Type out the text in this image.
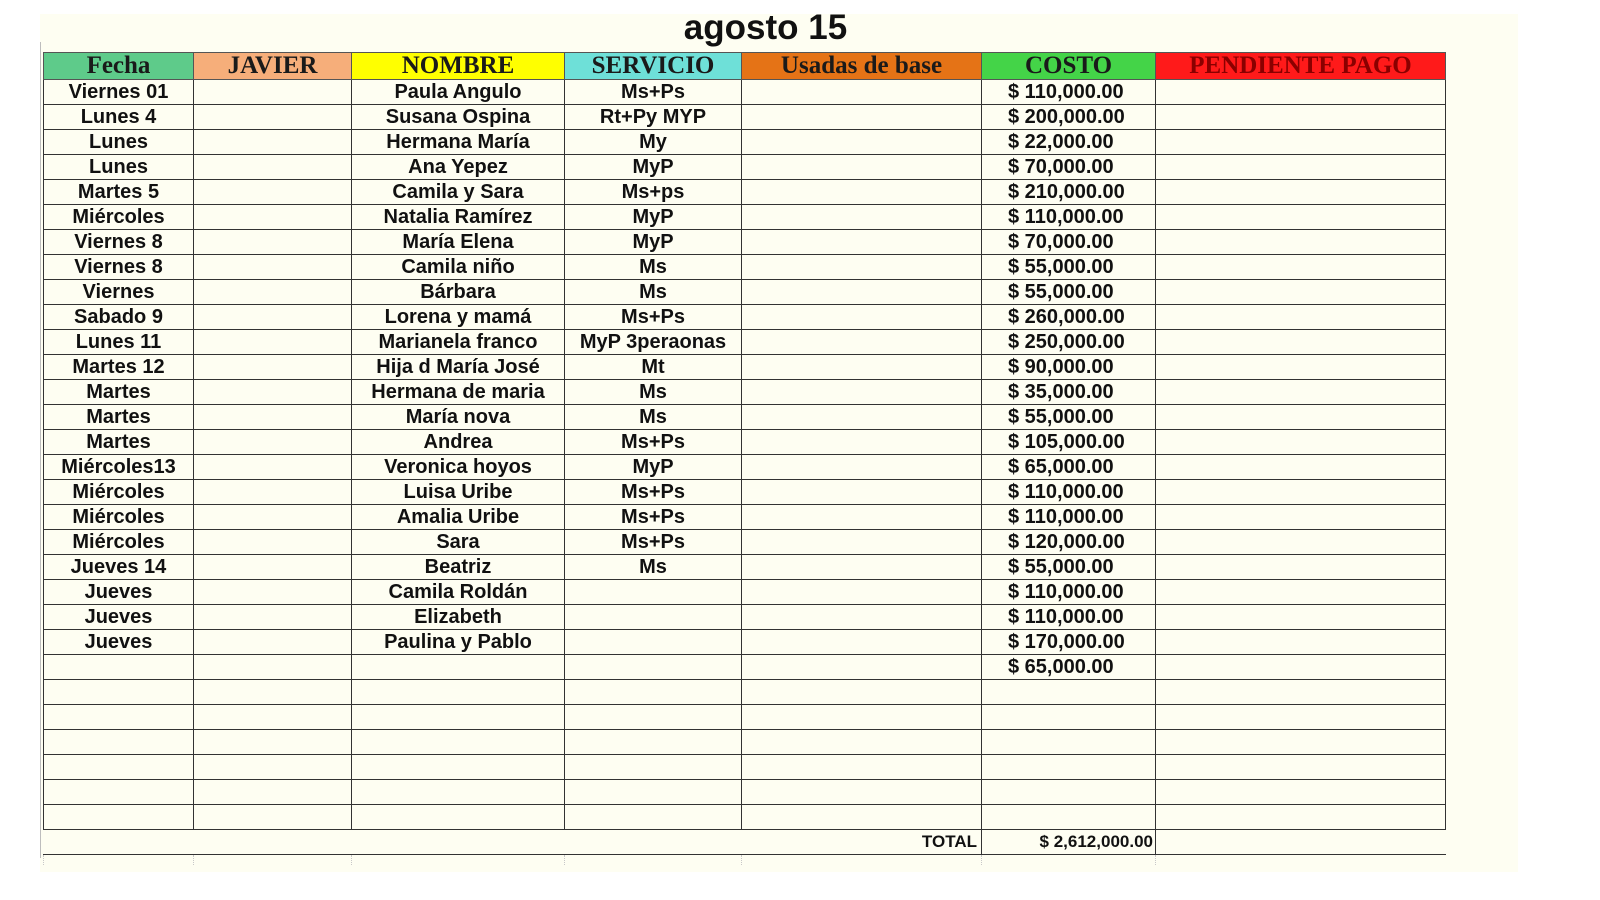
agosto 15
Fecha	JAVIER	NOMBRE	SERVICIO	Usadas de base	COSTO	PENDIENTE PAGO
Viernes 01		Paula Angulo	Ms+Ps		$ 110,000.00	
Lunes 4		Susana Ospina	Rt+Py MYP		$ 200,000.00	
Lunes		Hermana María	My		$ 22,000.00	
Lunes		Ana Yepez	MyP		$ 70,000.00	
Martes 5		Camila y Sara	Ms+ps		$ 210,000.00	
Miércoles		Natalia Ramírez	MyP		$ 110,000.00	
Viernes 8		María Elena	MyP		$ 70,000.00	
Viernes 8		Camila niño	Ms		$ 55,000.00	
Viernes		Bárbara	Ms		$ 55,000.00	
Sabado 9		Lorena y mamá	Ms+Ps		$ 260,000.00	
Lunes 11		Marianela franco	MyP 3peraonas		$ 250,000.00	
Martes 12		Hija d María José	Mt		$ 90,000.00	
Martes		Hermana de maria	Ms		$ 35,000.00	
Martes		María nova	Ms		$ 55,000.00	
Martes		Andrea	Ms+Ps		$ 105,000.00	
Miércoles13		Veronica hoyos	MyP		$ 65,000.00	
Miércoles		Luisa Uribe	Ms+Ps		$ 110,000.00	
Miércoles		Amalia Uribe	Ms+Ps		$ 110,000.00	
Miércoles		Sara	Ms+Ps		$ 120,000.00	
Jueves 14		Beatriz	Ms		$ 55,000.00	
Jueves		Camila Roldán			$ 110,000.00	
Jueves		Elizabeth			$ 110,000.00	
Jueves		Paulina y Pablo			$ 170,000.00	
					$ 65,000.00	

				TOTAL	$ 2,612,000.00	
